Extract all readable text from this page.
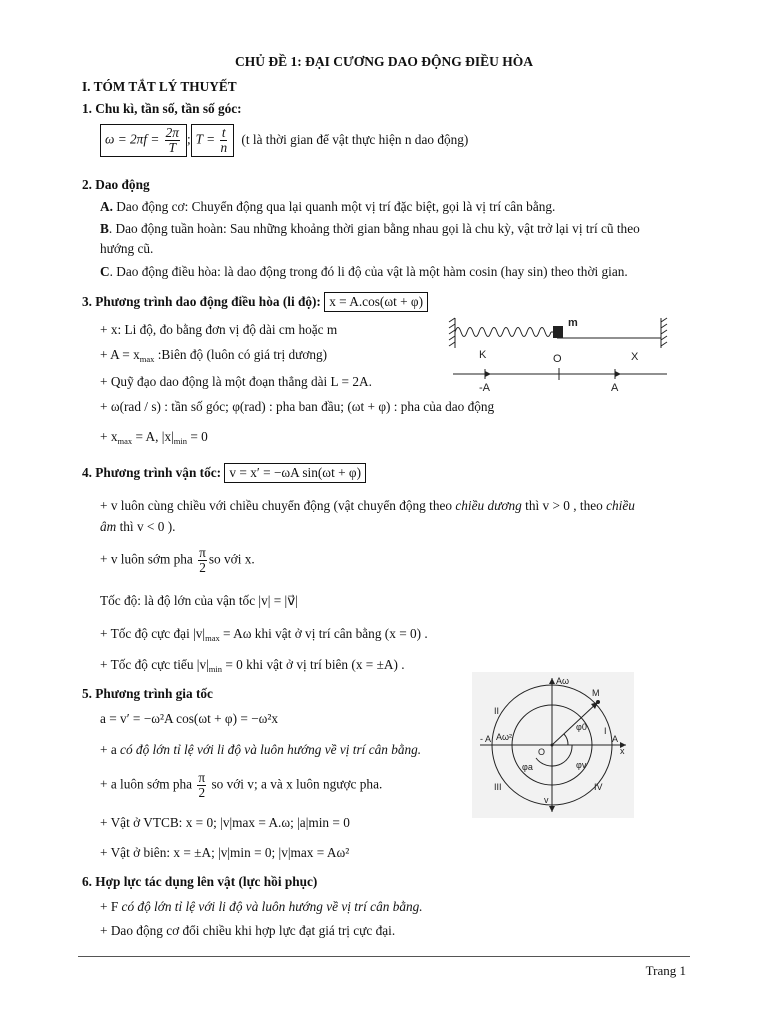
CHỦ ĐỀ 1: ĐẠI CƯƠNG DAO ĐỘNG ĐIỀU HÒA
I. TÓM TẮT LÝ THUYẾT
1. Chu kì, tần số, tần số góc:
$\omega = 2\pi f = \frac{2\pi}{T}$ ; $T = \frac{t}{n} (t$ là thời gian để vật thực hiện n dao động)
2. Dao động
A. Dao động cơ: Chuyển động qua lại quanh một vị trí đặc biệt, gọi là vị trí cân bằng.
B. Dao động tuần hoàn: Sau những khoảng thời gian bằng nhau gọi là chu kỳ, vật trở lại vị trí cũ theo
hướng cũ.
C. Dao động điều hòa: là dao động trong đó li độ của vật là một hàm cosin (hay sin) theo thời gian.
3. Phương trình dao động điều hòa (li độ): x = A.cos(ωt + φ)
+ x: Li độ, đo bằng đơn vị độ dài cm hoặc m
+ $A = x_{max}$ :Biên độ (luôn có giá trị dương)
+ Quỹ đạo dao động là một đoạn thẳng dài L = 2A.
+ ω(rad / s) : tần số góc; φ(rad) : pha ban đầu; (ωt + φ) : pha của dao động
+ $x_{max} = A$, $|x|_{min} = 0$
m
K	O	X
-A	A
4. Phương trình vận tốc: v = x′ = −ωA sin(ωt + φ)
+ v luôn cùng chiều với chiều chuyển động (vật chuyển động theo chiều dương thì v > 0 , theo chiều
âm thì v < 0 ).
+ v luôn sớm pha $\frac{\pi}{2}$ so với x.
Tốc độ: là độ lớn của vận tốc |v| = |v⃗|
+ Tốc độ cực đại $|v|_{max} = A\omega$ khi vật ở vị trí cân bằng (x = 0) .
+ Tốc độ cực tiểu $|v|_{min} = 0$ khi vật ở vị trí biên (x = ±A) .
5. Phương trình gia tốc
a = v′ = −ω²A cos(ωt + φ) = −ω²x
+ a có độ lớn tỉ lệ với li độ và luôn hướng về vị trí cân bằng.
+ a luôn sớm pha $\frac{\pi}{2}$ so với v; a và x luôn ngược pha.
+ Vật ở VTCB: x = 0; |v|max = A.ω; |a|min = 0
+ Vật ở biên: x = ±A; |v|min = 0; |v|max = Aω²
Aω
v
- A Aω²	A
x
O
I
II
III	IV
M
φa	φv
φ0
6. Hợp lực tác dụng lên vật (lực hồi phục)
+ F có độ lớn tỉ lệ với li độ và luôn hướng về vị trí cân bằng.
+ Dao động cơ đổi chiều khi hợp lực đạt giá trị cực đại.
Trang 1
